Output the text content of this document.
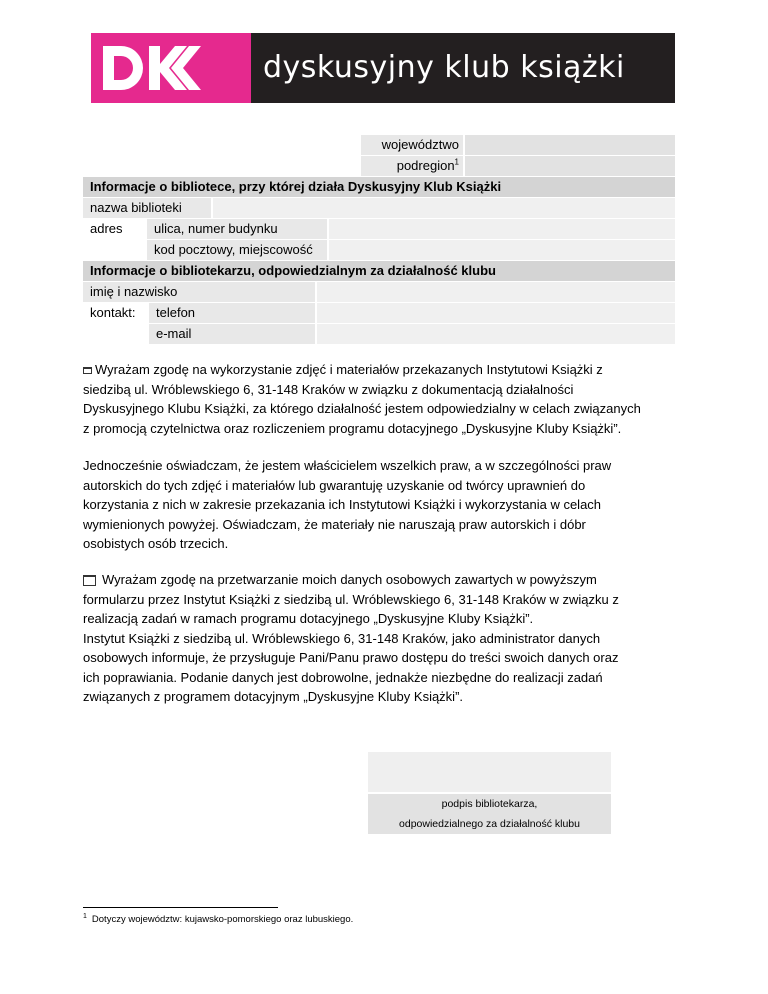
dyskusyjny klub książki
województwo
podregion$^1$
Informacje o bibliotece, przy której działa Dyskusyjny Klub Książki
nazwa biblioteki
adres	ulica, numer budynku
kod pocztowy, miejscowość
Informacje o bibliotekarzu, odpowiedzialnym za działalność klubu
imię i nazwisko
kontakt:	telefon
e-mail

Wyrażam zgodę na wykorzystanie zdjęć i materiałów przekazanych Instytutowi Książki z

siedzibą ul. Wróblewskiego 6, 31-148 Kraków w związku z dokumentacją działalności

Dyskusyjnego Klubu Książki, za którego działalność jestem odpowiedzialny w celach związanych

z promocją czytelnictwa oraz rozliczeniem programu dotacyjnego „Dyskusyjne Kluby Książki”.

Jednocześnie oświadczam, że jestem właścicielem wszelkich praw, a w szczególności praw

autorskich do tych zdjęć i materiałów lub gwarantuję uzyskanie od twórcy uprawnień do

korzystania z nich w zakresie przekazania ich Instytutowi Książki i wykorzystania w celach

wymienionych powyżej. Oświadczam, że materiały nie naruszają praw autorskich i dóbr

osobistych osób trzecich.

Wyrażam zgodę na przetwarzanie moich danych osobowych zawartych w powyższym

formularzu przez Instytut Książki z siedzibą ul. Wróblewskiego 6, 31-148 Kraków w związku z

realizacją zadań w ramach programu dotacyjnego „Dyskusyjne Kluby Książki”.

Instytut Książki z siedzibą ul. Wróblewskiego 6, 31-148 Kraków, jako administrator danych

osobowych informuje, że przysługuje Pani/Panu prawo dostępu do treści swoich danych oraz

ich poprawiania. Podanie danych jest dobrowolne, jednakże niezbędne do realizacji zadań

związanych z programem dotacyjnym „Dyskusyjne Kluby Książki”.

podpis bibliotekarza,
odpowiedzialnego za działalność klubu
$^1$ Dotyczy województw: kujawsko-pomorskiego oraz lubuskiego.
